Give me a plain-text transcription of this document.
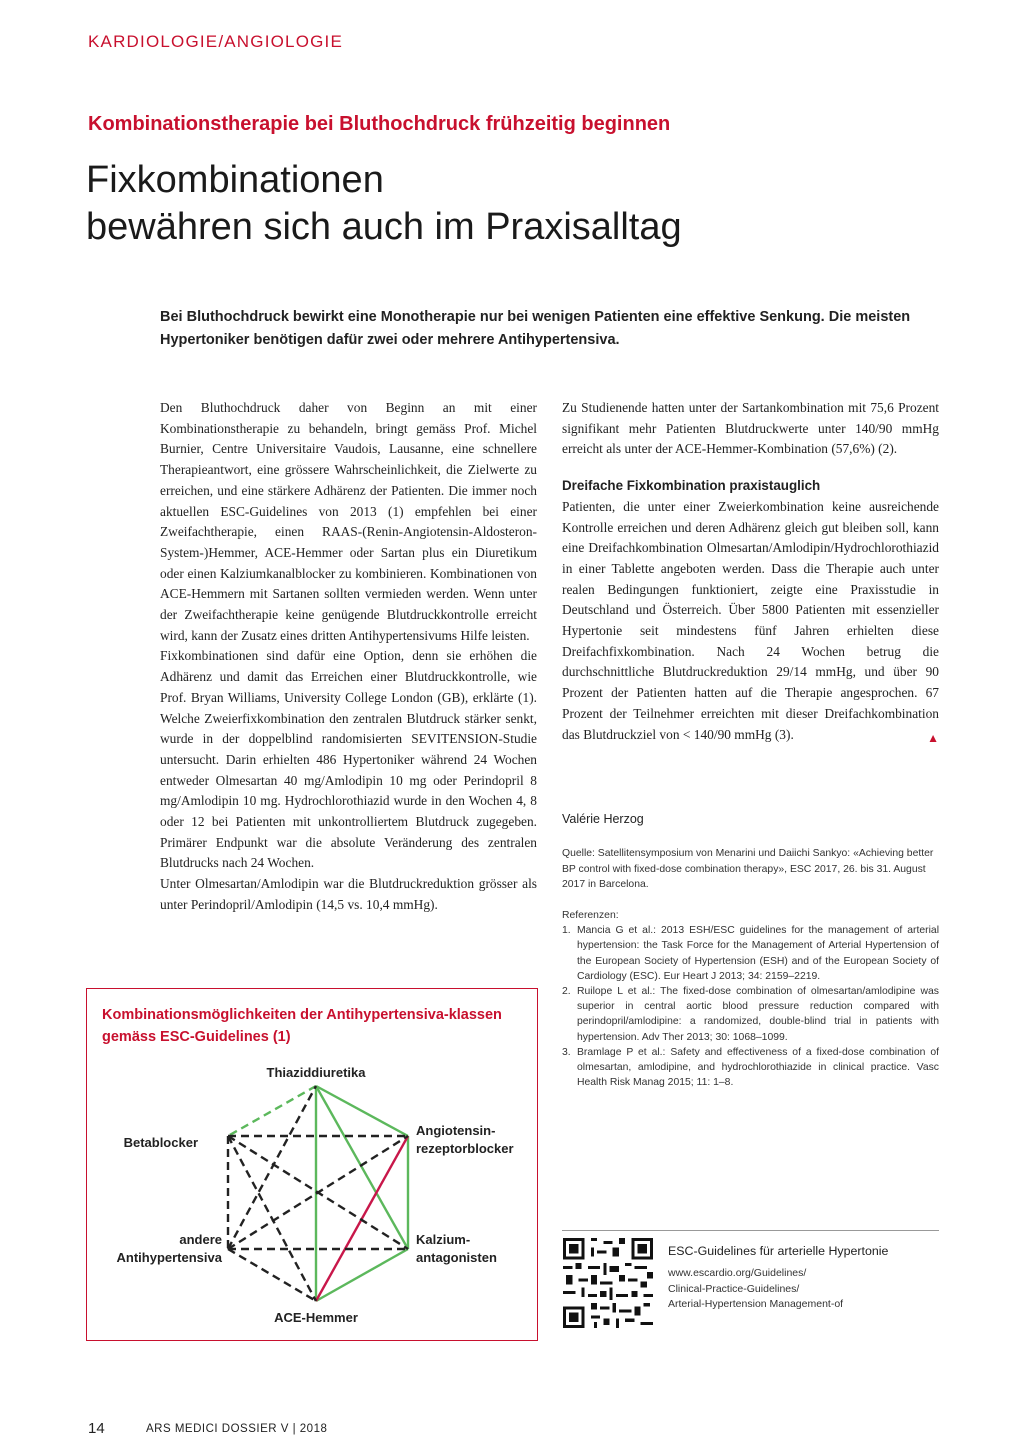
KARDIOLOGIE/ANGIOLOGIE
Kombinationstherapie bei Bluthochdruck frühzeitig beginnen
Fixkombinationen
bewähren sich auch im Praxisalltag
Bei Bluthochdruck bewirkt eine Monotherapie nur bei wenigen Patienten eine effektive Senkung. Die meisten Hypertoniker benötigen dafür zwei oder mehrere Antihypertensiva.

Den Bluthochdruck daher von Beginn an mit einer Kombinationstherapie zu behandeln, bringt gemäss Prof. Michel Burnier, Centre Universitaire Vaudois, Lausanne, eine schnellere Therapieantwort, eine grössere Wahrscheinlichkeit, die Zielwerte zu erreichen, und eine stärkere Adhärenz der Patienten. Die immer noch aktuellen ESC-Guidelines von 2013 (1) empfehlen bei einer Zweifachtherapie, einen RAAS-(Renin-Angiotensin-Aldosteron-System-)Hemmer, ACE-Hemmer oder Sartan plus ein Diuretikum oder einen Kalziumkanalblocker zu kombinieren. Kombinationen von ACE-Hemmern mit Sartanen sollten vermieden werden. Wenn unter der Zweifachtherapie keine genügende Blutdruckkontrolle erreicht wird, kann der Zusatz eines dritten Antihypertensivums Hilfe leisten.

Fixkombinationen sind dafür eine Option, denn sie erhöhen die Adhärenz und damit das Erreichen einer Blutdruckkontrolle, wie Prof. Bryan Williams, University College London (GB), erklärte (1). Welche Zweierfixkombination den zentralen Blutdruck stärker senkt, wurde in der doppelblind randomisierten SEVITENSION-Studie untersucht. Darin erhielten 486 Hypertoniker während 24 Wochen entweder Olmesartan 40 mg/Amlodipin 10 mg oder Perindopril 8 mg/Amlodipin 10 mg. Hydrochlorothiazid wurde in den Wochen 4, 8 oder 12 bei Patienten mit unkontrolliertem Blutdruck zugegeben. Primärer Endpunkt war die absolute Veränderung des zentralen Blutdrucks nach 24 Wochen.

Unter Olmesartan/Amlodipin war die Blutdruckreduktion grösser als unter Perindopril/Amlodipin (14,5 vs. 10,4 mmHg).

Zu Studienende hatten unter der Sartankombination mit 75,6 Prozent signifikant mehr Patienten Blutdruckwerte unter 140/90 mmHg erreicht als unter der ACE-Hemmer-Kombination (57,6%) (2).

Dreifache Fixkombination praxistauglich

Patienten, die unter einer Zweierkombination keine ausreichende Kontrolle erreichen und deren Adhärenz gleich gut bleiben soll, kann eine Dreifachkombination Olmesartan/Amlodipin/Hydrochlorothiazid in einer Tablette angeboten werden. Dass die Therapie auch unter realen Bedingungen funktioniert, zeigte eine Praxisstudie in Deutschland und Österreich. Über 5800 Patienten mit essenzieller Hypertonie seit mindestens fünf Jahren erhielten diese Dreifachfixkombination. Nach 24 Wochen betrug die durchschnittliche Blutdruckreduktion 29/14 mmHg, und über 90 Prozent der Patienten hatten auf die Therapie angesprochen. 67 Prozent der Teilnehmer erreichten mit dieser Dreifachkombination das Blutdruckziel von < 140/90 mmHg (3).	▲

Valérie Herzog
Quelle: Satellitensymposium von Menarini und Daiichi Sankyo: «Achieving better BP control with fixed-dose combination therapy», ESC 2017, 26. bis 31. August 2017 in Barcelona.
Referenzen:
1. Mancia G et al.: 2013 ESH/ESC guidelines for the management of arterial hypertension: the Task Force for the Management of Arterial Hypertension of the European Society of Hypertension (ESH) and of the European Society of Cardiology (ESC). Eur Heart J 2013; 34: 2159–2219.
2. Ruilope L et al.: The fixed-dose combination of olmesartan/amlodipine was superior in central aortic blood pressure reduction compared with perindopril/amlodipine: a randomized, double-blind trial in patients with hypertension. Adv Ther 2013; 30: 1068–1099.
3. Bramlage P et al.: Safety and effectiveness of a fixed-dose combination of olmesartan, amlodipine, and hydrochlorothiazide in clinical practice. Vasc Health Risk Manag 2015; 11: 1–8.
ESC-Guidelines für arterielle Hypertonie
www.escardio.org/Guidelines/
Clinical-Practice-Guidelines/
Arterial-Hypertension Management-of
Kombinationsmöglichkeiten der Antihypertensiva-klassen gemäss ESC-Guidelines (1)
Thiaziddiuretika
Betablocker
Angiotensin-
rezeptorblocker
andere
Antihypertensiva
Kalzium-
antagonisten
ACE-Hemmer
14	ARS MEDICI DOSSIER V | 2018
